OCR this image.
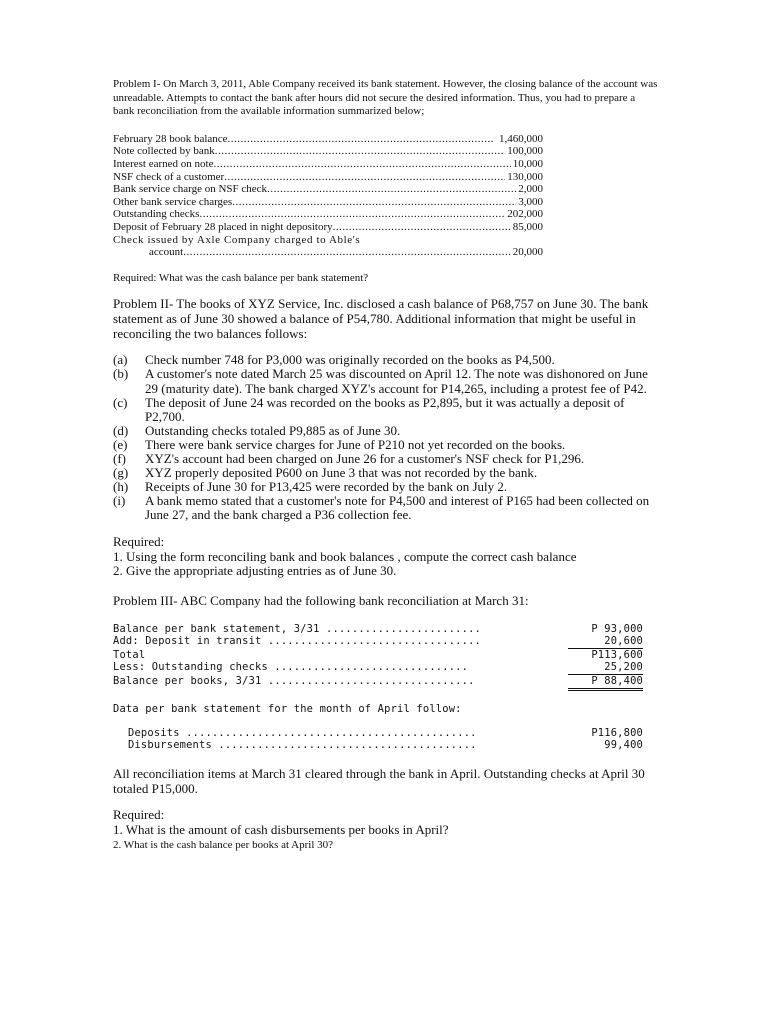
Problem I- On March 3, 2011, Able Company received its bank statement. However, the closing balance of the account was unreadable. Attempts to contact the bank after hours did not secure the desired information. Thus, you had to prepare a bank reconciliation from the available information summarized below;

February 28 book balance .....	1,460,000
Note collected by bank .....	100,000
Interest earned on note .....	10,000
NSF check of a customer .....	130,000
Bank service charge on NSF check .....	2,000
Other bank service charges .....	3,000
Outstanding checks .....	202,000
Deposit of February 28 placed in night depository .....	85,000
Check issued by Axle Company charged to Able's
account .....	20,000
Required: What was the cash balance per bank statement?
Problem II- The books of XYZ Service, Inc. disclosed a cash balance of P68,757 on June 30. The bank statement as of June 30 showed a balance of P54,780. Additional information that might be useful in reconciling the two balances follows:
(a)	Check number 748 for P3,000 was originally recorded on the books as P4,500.
(b)	A customer's note dated March 25 was discounted on April 12. The note was dishonored on June 29 (maturity date). The bank charged XYZ's account for P14,265, including a protest fee of P42.
(c)	The deposit of June 24 was recorded on the books as P2,895, but it was actually a deposit of P2,700.
(d)	Outstanding checks totaled P9,885 as of June 30.
(e)	There were bank service charges for June of P210 not yet recorded on the books.
(f)	XYZ's account had been charged on June 26 for a customer's NSF check for P1,296.
(g)	XYZ properly deposited P600 on June 3 that was not recorded by the bank.
(h)	Receipts of June 30 for P13,425 were recorded by the bank on July 2.
(i)	A bank memo stated that a customer's note for P4,500 and interest of P165 had been collected on June 27, and the bank charged a P36 collection fee.
Required:
1. Using the form reconciling bank and book balances , compute the correct cash balance
2. Give the appropriate adjusting entries as of June 30.
Problem III- ABC Company had the following bank reconciliation at March 31:
Balance per bank statement, 3/31 ........................	P 93,000
Add: Deposit in transit .................................	20,600
Total	P113,600
Less: Outstanding checks ..............................	25,200
Balance per books, 3/31 ................................	P 88,400
Data per bank statement for the month of April follow:
Deposits .............................................	P116,800
Disbursements ........................................	99,400
All reconciliation items at March 31 cleared through the bank in April. Outstanding checks at April 30 totaled P15,000.
Required:
1. What is the amount of cash disbursements per books in April?
2. What is the cash balance per books at April 30?
